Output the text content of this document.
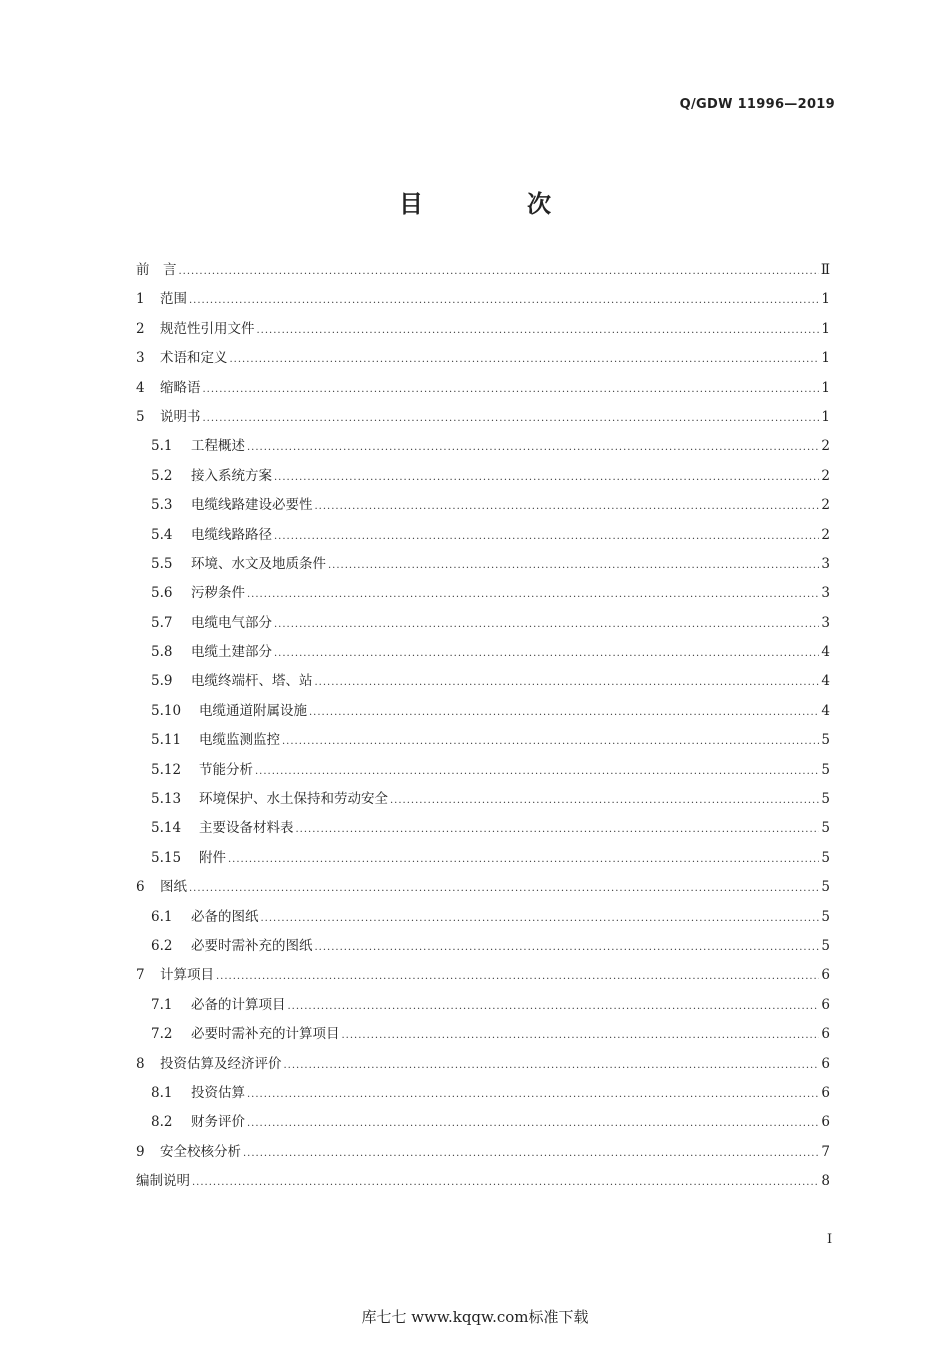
Q/GDW 11996—2019
目　次
前　言 .....	Ⅱ
1	范围 .....	1
2	规范性引用文件 .....	1
3	术语和定义 .....	1
4	缩略语 .....	1
5	说明书 .....	1
5.1	工程概述 .....	2
5.2	接入系统方案 .....	2
5.3	电缆线路建设必要性 .....	2
5.4	电缆线路路径 .....	2
5.5	环境、水文及地质条件 .....	3
5.6	污秽条件 .....	3
5.7	电缆电气部分 .....	3
5.8	电缆土建部分 .....	4
5.9	电缆终端杆、塔、站 .....	4
5.10	电缆通道附属设施 .....	4
5.11	电缆监测监控 .....	5
5.12	节能分析 .....	5
5.13	环境保护、水土保持和劳动安全 .....	5
5.14	主要设备材料表 .....	5
5.15	附件 .....	5
6	图纸 .....	5
6.1	必备的图纸 .....	5
6.2	必要时需补充的图纸 .....	5
7	计算项目 .....	6
7.1	必备的计算项目 .....	6
7.2	必要时需补充的计算项目 .....	6
8	投资估算及经济评价 .....	6
8.1	投资估算 .....	6
8.2	财务评价 .....	6
9	安全校核分析 .....	7
编制说明 .....	8
I
库七七 www.kqqw.com标准下载
